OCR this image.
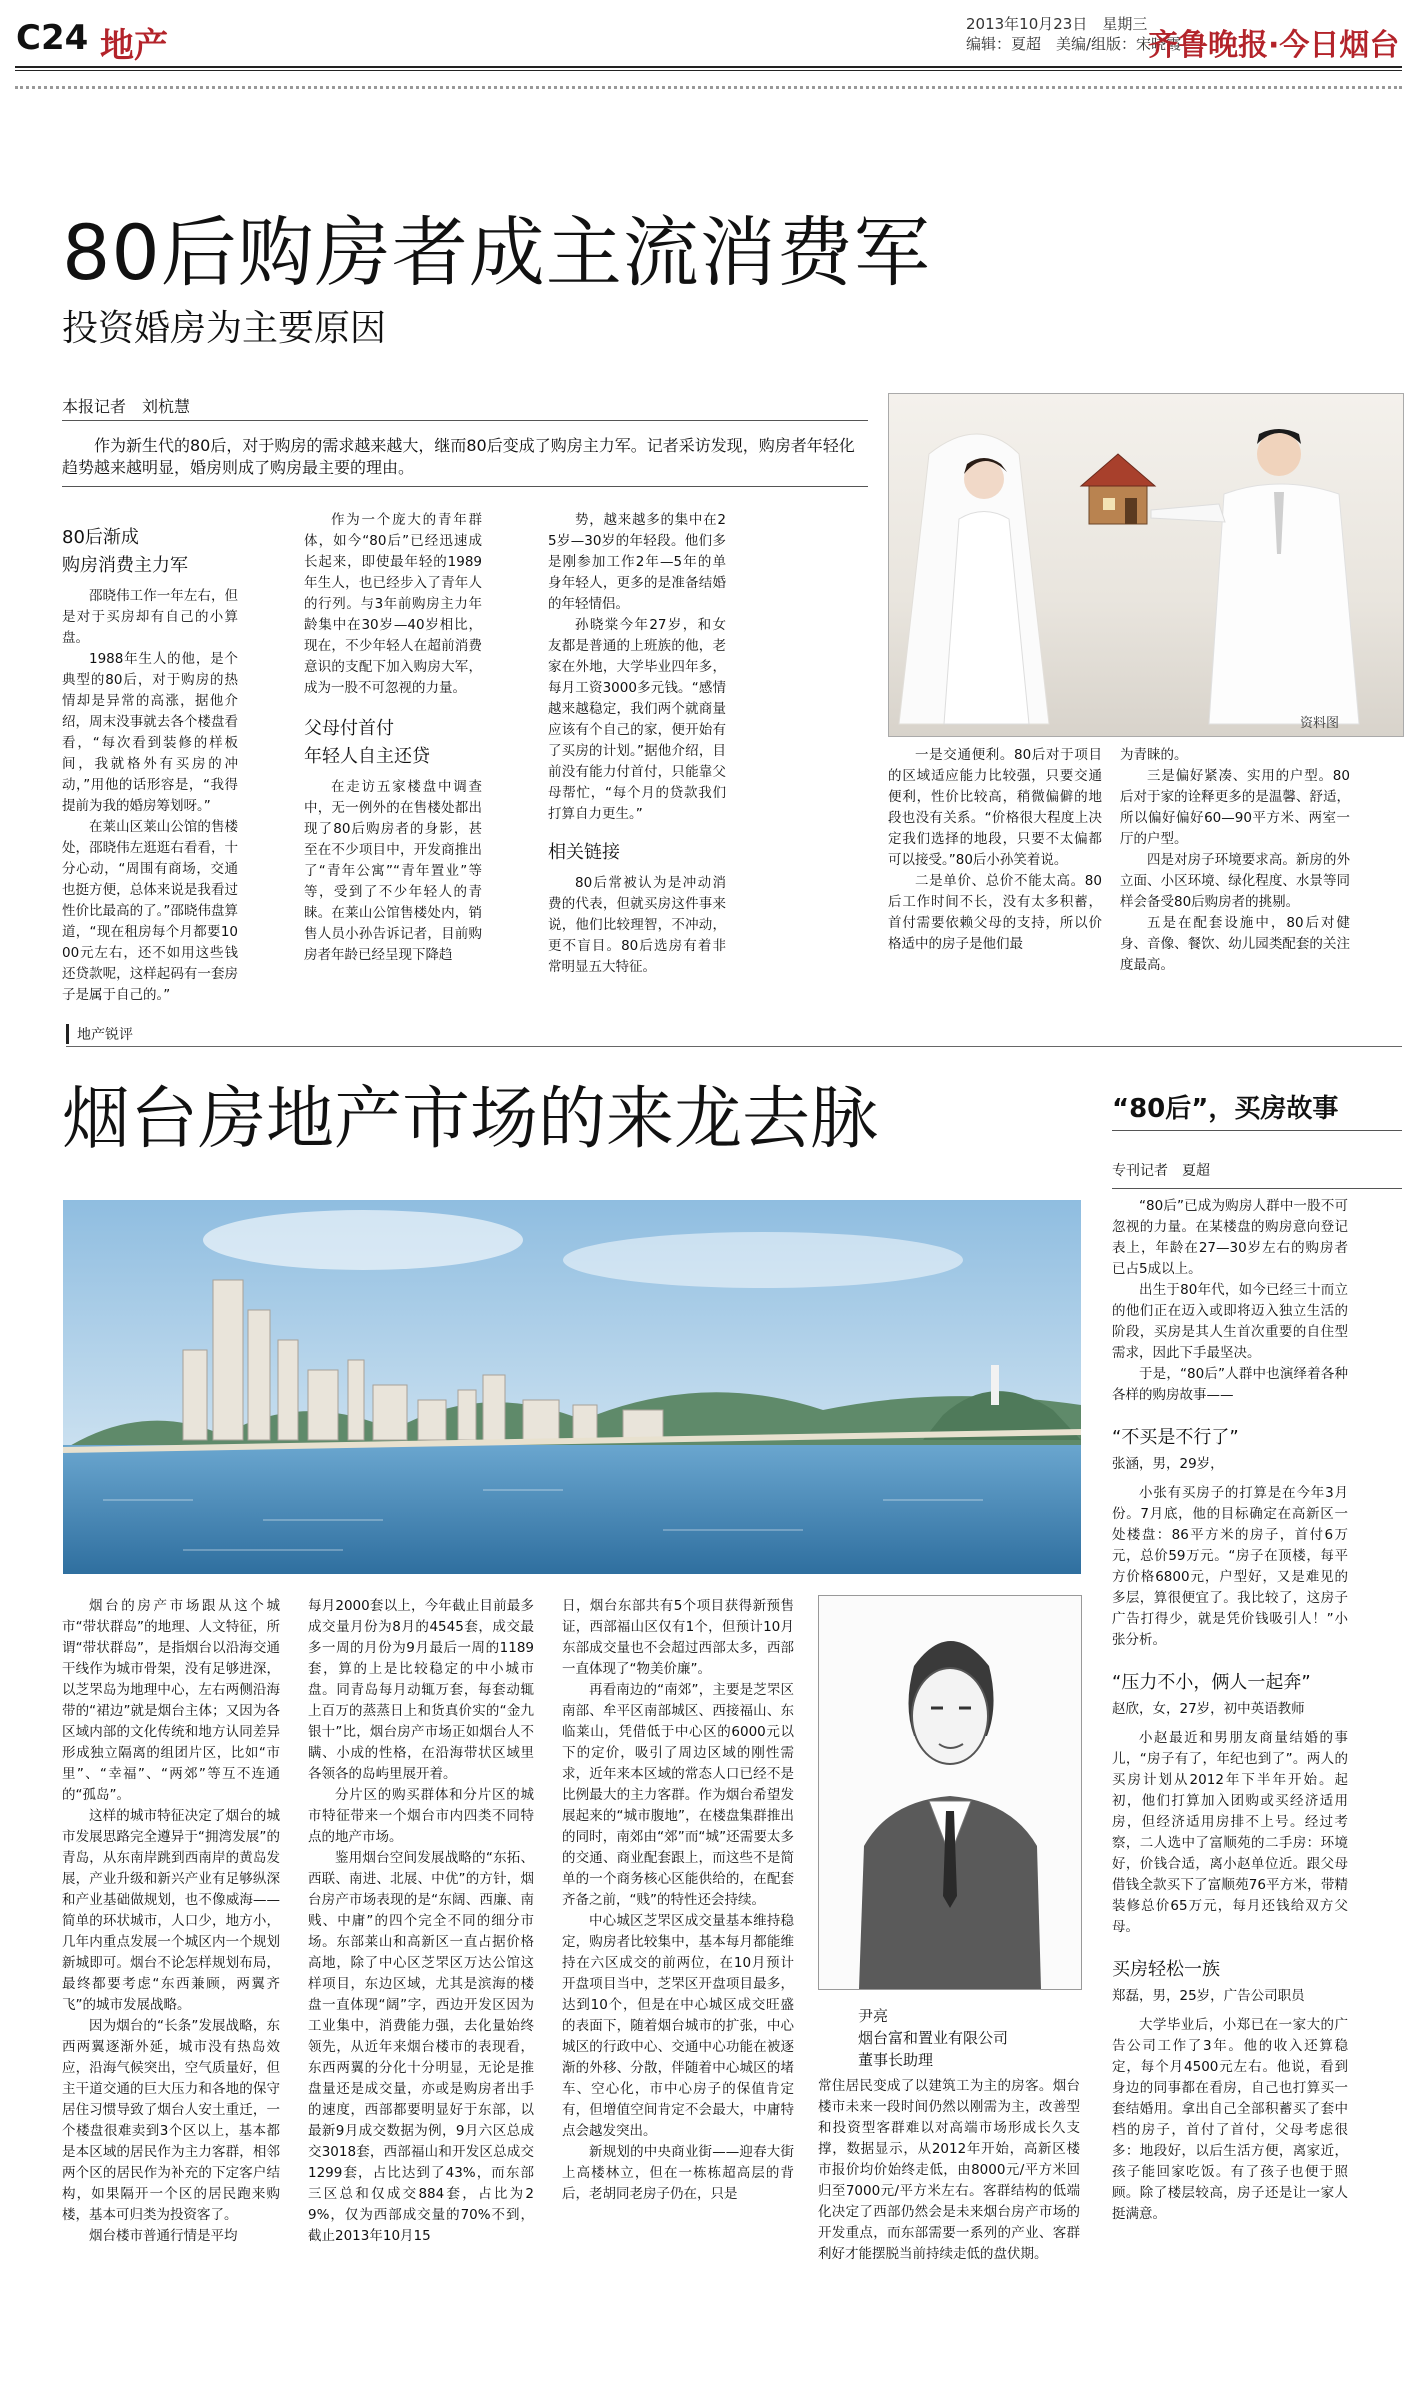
C24 地产
2013年10月23日　星期三
编辑：夏超　美编/组版：宋晓霞
齐鲁晚报·今日烟台
80后购房者成主流消费军
投资婚房为主要原因
本报记者　刘杭慧
作为新生代的80后，对于购房的需求越来越大，继而80后变成了购房主力军。记者采访发现，购房者年轻化趋势越来越明显，婚房则成了购房最主要的理由。
80后渐成
购房消费主力军

邵晓伟工作一年左右，但是对于买房却有自己的小算盘。

1988年生人的他，是个典型的80后，对于购房的热情却是异常的高涨，据他介绍，周末没事就去各个楼盘看看，“每次看到装修的样板间，我就格外有买房的冲动，”用他的话形容是，“我得提前为我的婚房筹划呀。”

在莱山区莱山公馆的售楼处，邵晓伟左逛逛右看看，十分心动，“周围有商场，交通也挺方便，总体来说是我看过性价比最高的了。”邵晓伟盘算道，“现在租房每个月都要1000元左右，还不如用这些钱还贷款呢，这样起码有一套房子是属于自己的。”

作为一个庞大的青年群体，如今“80后”已经迅速成长起来，即使最年轻的1989年生人，也已经步入了青年人的行列。与3年前购房主力年龄集中在30岁—40岁相比，现在，不少年轻人在超前消费意识的支配下加入购房大军，成为一股不可忽视的力量。

父母付首付
年轻人自主还贷

在走访五家楼盘中调查中，无一例外的在售楼处都出现了80后购房者的身影，甚至在不少项目中，开发商推出了“青年公寓”“青年置业”等等，受到了不少年轻人的青睐。在莱山公馆售楼处内，销售人员小孙告诉记者，目前购房者年龄已经呈现下降趋

势，越来越多的集中在25岁—30岁的年轻段。他们多是刚参加工作2年—5年的单身年轻人，更多的是准备结婚的年轻情侣。

孙晓棠今年27岁，和女友都是普通的上班族的他，老家在外地，大学毕业四年多，每月工资3000多元钱。“感情越来越稳定，我们两个就商量应该有个自己的家，便开始有了买房的计划。”据他介绍，目前没有能力付首付，只能靠父母帮忙，“每个月的贷款我们打算自力更生。”

相关链接

80后常被认为是冲动消费的代表，但就买房这件事来说，他们比较理智，不冲动，更不盲目。80后选房有着非常明显五大特征。

一是交通便利。80后对于项目的区域适应能力比较强，只要交通便利，性价比较高，稍微偏僻的地段也没有关系。“价格很大程度上决定我们选择的地段，只要不太偏都可以接受。”80后小孙笑着说。

二是单价、总价不能太高。80后工作时间不长，没有太多积蓄，首付需要依赖父母的支持，所以价格适中的房子是他们最

为青睐的。

三是偏好紧凑、实用的户型。80后对于家的诠释更多的是温馨、舒适，所以偏好偏好60—90平方米、两室一厅的户型。

四是对房子环境要求高。新房的外立面、小区环境、绿化程度、水景等同样会备受80后购房者的挑剔。

五是在配套设施中，80后对健身、音像、餐饮、幼儿园类配套的关注度最高。

资料图
地产锐评
烟台房地产市场的来龙去脉

烟台的房产市场跟从这个城市“带状群岛”的地理、人文特征，所谓“带状群岛”，是指烟台以沿海交通干线作为城市骨架，没有足够进深，以芝罘岛为地理中心，左右两侧沿海带的“裙边”就是烟台主体；又因为各区域内部的文化传统和地方认同差异形成独立隔离的组团片区，比如“市里”、“幸福”、“两郊”等互不连通的“孤岛”。

这样的城市特征决定了烟台的城市发展思路完全遵异于“拥湾发展”的青岛，从东南岸跳到西南岸的黄岛发展，产业升级和新兴产业有足够纵深和产业基础做规划，也不像威海——简单的环状城市，人口少，地方小，几年内重点发展一个城区内一个规划新城即可。烟台不论怎样规划布局，最终都要考虑“东西兼顾，两翼齐飞”的城市发展战略。

因为烟台的“长条”发展战略，东西两翼逐渐外延，城市没有热岛效应，沿海气候突出，空气质量好，但主干道交通的巨大压力和各地的保守居住习惯导致了烟台人安土重迁，一个楼盘很难卖到3个区以上，基本都是本区域的居民作为主力客群，相邻两个区的居民作为补充的下定客户结构，如果隔开一个区的居民跑来购楼，基本可归类为投资客了。

烟台楼市普通行情是平均

每月2000套以上，今年截止目前最多成交量月份为8月的4545套，成交最多一周的月份为9月最后一周的1189套，算的上是比较稳定的中小城市盘。同青岛每月动辄万套，每套动辄上百万的蒸蒸日上和货真价实的“金九银十”比，烟台房产市场正如烟台人不瞒、小成的性格，在沿海带状区域里各领各的岛屿里展开着。

分片区的购买群体和分片区的城市特征带来一个烟台市内四类不同特点的地产市场。

鉴用烟台空间发展战略的“东拓、西联、南进、北展、中优”的方针，烟台房产市场表现的是“东阔、西廉、南贱、中庸”的四个完全不同的细分市场。东部莱山和高新区一直占据价格高地，除了中心区芝罘区万达公馆这样项目，东边区域，尤其是滨海的楼盘一直体现“阔”字，西边开发区因为工业集中，消费能力强，去化量始终领先，从近年来烟台楼市的表现看，东西两翼的分化十分明显，无论是推盘量还是成交量，亦或是购房者出手的速度，西部都要明显好于东部，以最新9月成交数据为例，9月六区总成交3018套，西部福山和开发区总成交1299套，占比达到了43%，而东部三区总和仅成交884套，占比为29%，仅为西部成交量的70%不到，截止2013年10月15

日，烟台东部共有5个项目获得新预售证，西部福山区仅有1个，但预计10月东部成交量也不会超过西部太多，西部一直体现了“物美价廉”。

再看南边的“南郊”，主要是芝罘区南部、牟平区南部城区、西接福山、东临莱山，凭借低于中心区的6000元以下的定价，吸引了周边区域的刚性需求，近年来本区域的常态人口已经不是比例最大的主力客群。作为烟台希望发展起来的“城市腹地”，在楼盘集群推出的同时，南郊由“郊”而“城”还需要太多的交通、商业配套跟上，而这些不是简单的一个商务核心区能供给的，在配套齐备之前，“贱”的特性还会持续。

中心城区芝罘区成交量基本维持稳定，购房者比较集中，基本每月都能维持在六区成交的前两位，在10月预计开盘项目当中，芝罘区开盘项目最多，达到10个，但是在中心城区成交旺盛的表面下，随着烟台城市的扩张，中心城区的行政中心、交通中心功能在被逐渐的外移、分散，伴随着中心城区的堵车、空心化，市中心房子的保值肯定有，但增值空间肯定不会最大，中庸特点会越发突出。

新规划的中央商业街——迎春大街上高楼林立，但在一栋栋超高层的背后，老胡同老房子仍在，只是

尹亮
烟台富和置业有限公司
董事长助理

常住居民变成了以建筑工为主的房客。烟台楼市未来一段时间仍然以刚需为主，改善型和投资型客群难以对高端市场形成长久支撑，数据显示，从2012年开始，高新区楼市报价均价始终走低，由8000元/平方米回归至7000元/平方米左右。客群结构的低端化决定了西部仍然会是未来烟台房产市场的开发重点，而东部需要一系列的产业、客群利好才能摆脱当前持续走低的盘伏期。

“80后”，买房故事
专刊记者　夏超

“80后”已成为购房人群中一股不可忽视的力量。在某楼盘的购房意向登记表上，年龄在27—30岁左右的购房者已占5成以上。

出生于80年代，如今已经三十而立的他们正在迈入或即将迈入独立生活的阶段，买房是其人生首次重要的自住型需求，因此下手最坚决。

于是，“80后”人群中也演绎着各种各样的购房故事——

“不买是不行了”
张涵，男，29岁，

小张有买房子的打算是在今年3月份。7月底，他的目标确定在高新区一处楼盘：86平方米的房子，首付6万元，总价59万元。“房子在顶楼，每平方价格6800元，户型好，又是难见的多层，算很便宜了。我比较了，这房子广告打得少，就是凭价钱吸引人！”小张分析。

“压力不小，俩人一起奔”
赵欣，女，27岁，初中英语教师

小赵最近和男朋友商量结婚的事儿，“房子有了，年纪也到了”。两人的买房计划从2012年下半年开始。起初，他们打算加入团购或买经济适用房，但经济适用房排不上号。经过考察，二人选中了富顺苑的二手房：环境好，价钱合适，离小赵单位近。跟父母借钱全款买下了富顺苑76平方米，带精装修总价65万元，每月还钱给双方父母。

买房轻松一族
郑磊，男，25岁，广告公司职员

大学毕业后，小郑已在一家大的广告公司工作了3年。他的收入还算稳定，每个月4500元左右。他说，看到身边的同事都在看房，自己也打算买一套结婚用。拿出自己全部积蓄买了套中档的房子，首付了首付，父母考虑很多：地段好，以后生活方便，离家近，孩子能回家吃饭。有了孩子也便于照顾。除了楼层较高，房子还是让一家人挺满意。
